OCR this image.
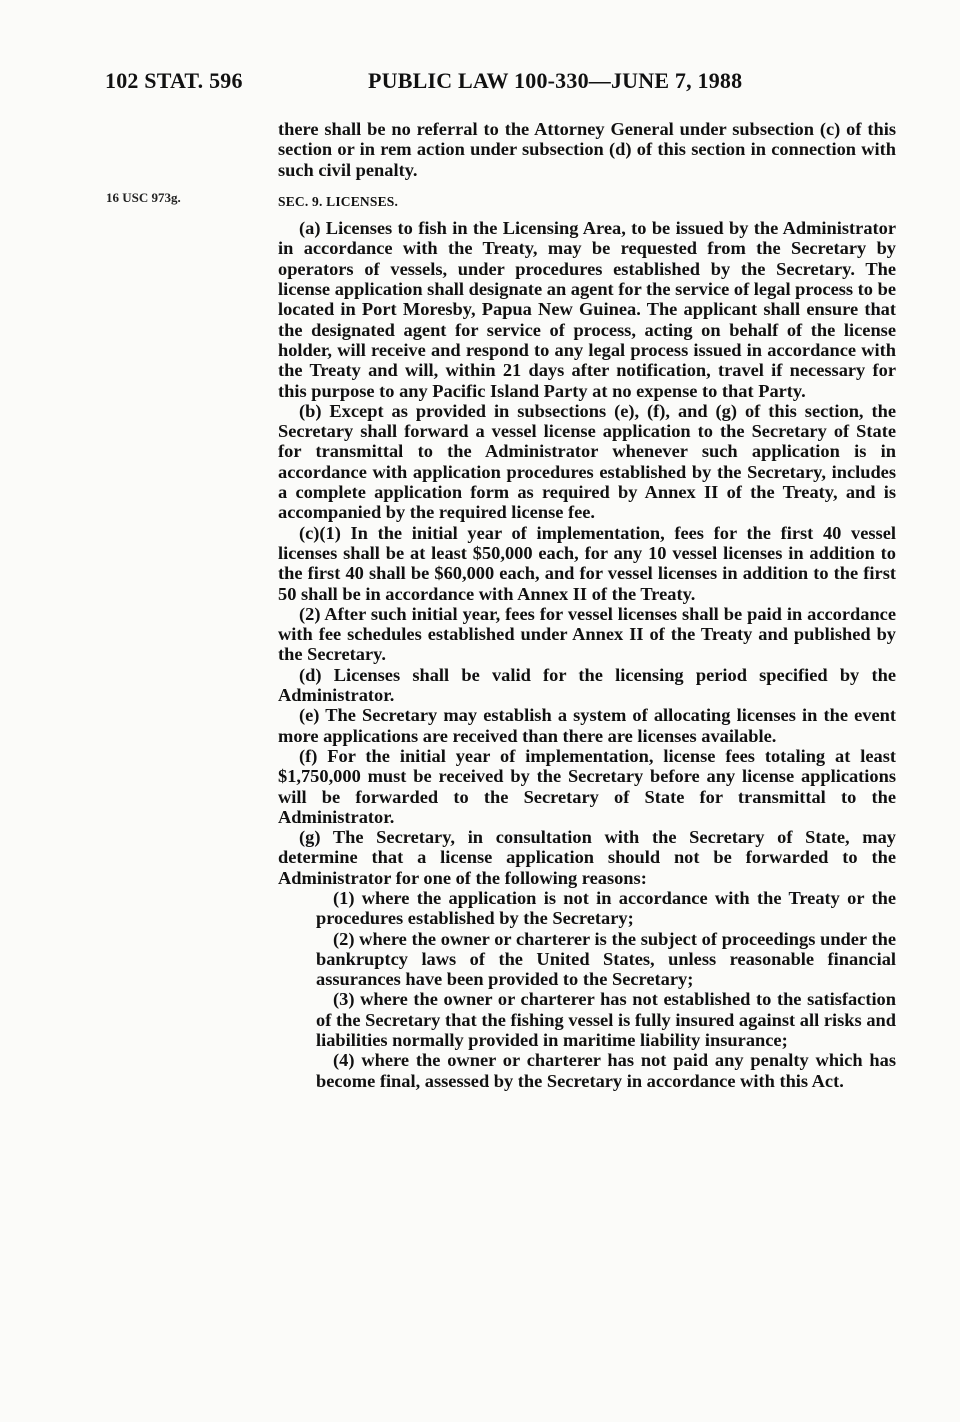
102 STAT. 596	PUBLIC LAW 100-330—JUNE 7, 1988
16 USC 973g.

there shall be no referral to the Attorney General under subsection (c) of this section or in rem action under subsection (d) of this section in connection with such civil penalty.

SEC. 9. LICENSES.

(a) Licenses to fish in the Licensing Area, to be issued by the Administrator in accordance with the Treaty, may be requested from the Secretary by operators of vessels, under procedures established by the Secretary. The license application shall designate an agent for the service of legal process to be located in Port Moresby, Papua New Guinea. The applicant shall ensure that the designated agent for service of process, acting on behalf of the license holder, will receive and respond to any legal process issued in accordance with the Treaty and will, within 21 days after notification, travel if necessary for this purpose to any Pacific Island Party at no expense to that Party.

(b) Except as provided in subsections (e), (f), and (g) of this section, the Secretary shall forward a vessel license application to the Secretary of State for transmittal to the Administrator whenever such application is in accordance with application procedures established by the Secretary, includes a complete application form as required by Annex II of the Treaty, and is accompanied by the required license fee.

(c)(1) In the initial year of implementation, fees for the first 40 vessel licenses shall be at least $50,000 each, for any 10 vessel licenses in addition to the first 40 shall be $60,000 each, and for vessel licenses in addition to the first 50 shall be in accordance with Annex II of the Treaty.

(2) After such initial year, fees for vessel licenses shall be paid in accordance with fee schedules established under Annex II of the Treaty and published by the Secretary.

(d) Licenses shall be valid for the licensing period specified by the Administrator.

(e) The Secretary may establish a system of allocating licenses in the event more applications are received than there are licenses available.

(f) For the initial year of implementation, license fees totaling at least $1,750,000 must be received by the Secretary before any license applications will be forwarded to the Secretary of State for transmittal to the Administrator.

(g) The Secretary, in consultation with the Secretary of State, may determine that a license application should not be forwarded to the Administrator for one of the following reasons:

(1) where the application is not in accordance with the Treaty or the procedures established by the Secretary;

(2) where the owner or charterer is the subject of proceedings under the bankruptcy laws of the United States, unless reasonable financial assurances have been provided to the Secretary;

(3) where the owner or charterer has not established to the satisfaction of the Secretary that the fishing vessel is fully insured against all risks and liabilities normally provided in maritime liability insurance;

(4) where the owner or charterer has not paid any penalty which has become final, assessed by the Secretary in accordance with this Act.
